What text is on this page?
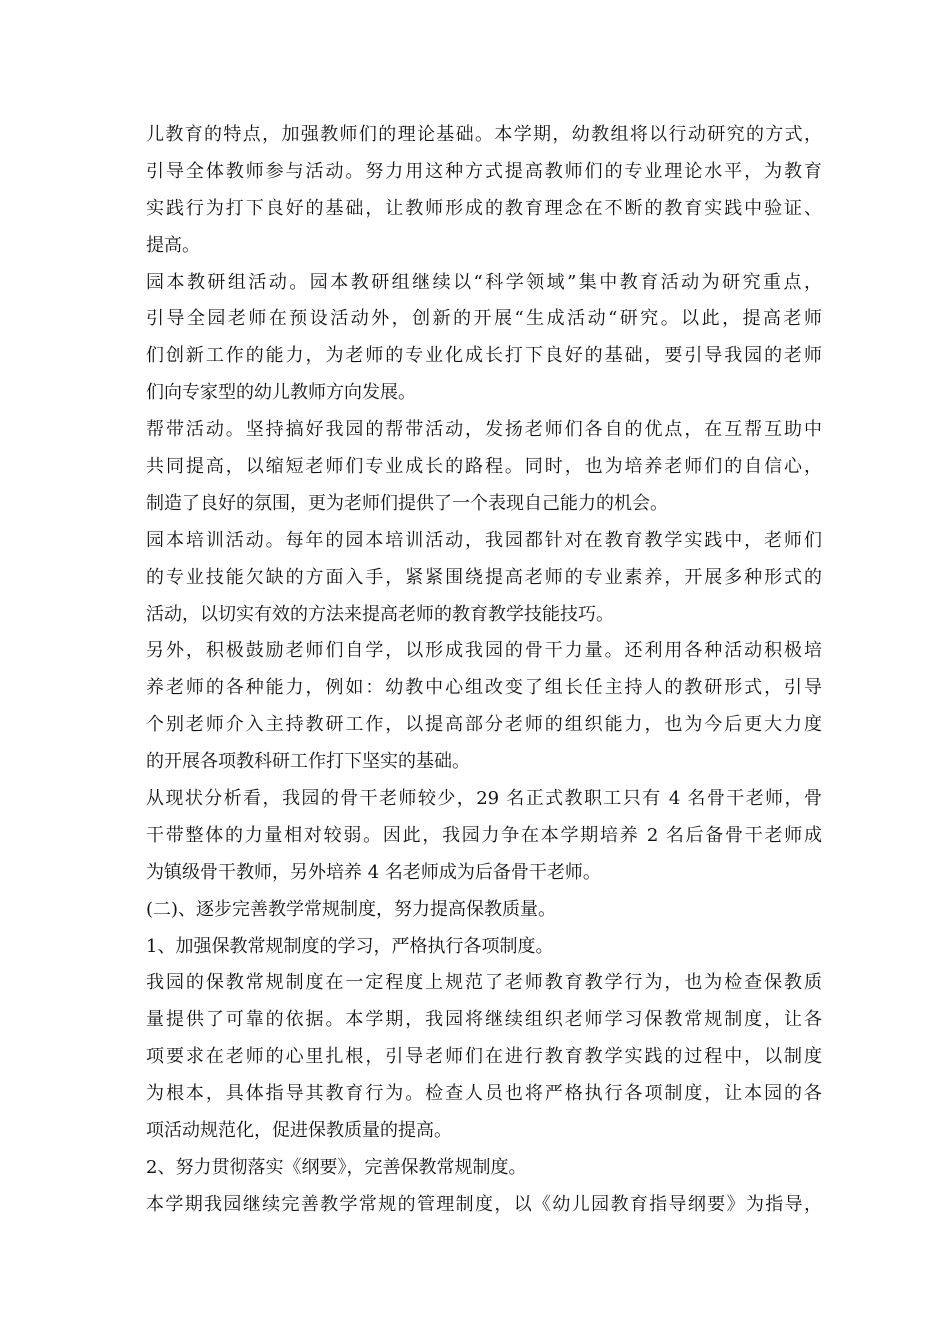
儿教育的特点，加强教师们的理论基础。本学期，幼教组将以行动研究的方式，
引导全体教师参与活动。努力用这种方式提高教师们的专业理论水平，为教育
实践行为打下良好的基础，让教师形成的教育理念在不断的教育实践中验证、
提高。
园本教研组活动。园本教研组继续以“科学领域”集中教育活动为研究重点，
引导全园老师在预设活动外，创新的开展“生成活动“研究。以此，提高老师
们创新工作的能力，为老师的专业化成长打下良好的基础，要引导我园的老师
们向专家型的幼儿教师方向发展。
帮带活动。坚持搞好我园的帮带活动，发扬老师们各自的优点，在互帮互助中
共同提高，以缩短老师们专业成长的路程。同时，也为培养老师们的自信心，
制造了良好的氛围，更为老师们提供了一个表现自己能力的机会。
园本培训活动。每年的园本培训活动，我园都针对在教育教学实践中，老师们
的专业技能欠缺的方面入手，紧紧围绕提高老师的专业素养，开展多种形式的
活动，以切实有效的方法来提高老师的教育教学技能技巧。
另外，积极鼓励老师们自学，以形成我园的骨干力量。还利用各种活动积极培
养老师的各种能力，例如：幼教中心组改变了组长任主持人的教研形式，引导
个别老师介入主持教研工作，以提高部分老师的组织能力，也为今后更大力度
的开展各项教科研工作打下坚实的基础。
从现状分析看，我园的骨干老师较少，29 名正式教职工只有 4 名骨干老师，骨
干带整体的力量相对较弱。因此，我园力争在本学期培养 2 名后备骨干老师成
为镇级骨干教师，另外培养 4 名老师成为后备骨干老师。
(二)、逐步完善教学常规制度，努力提高保教质量。
1、加强保教常规制度的学习，严格执行各项制度。
我园的保教常规制度在一定程度上规范了老师教育教学行为，也为检查保教质
量提供了可靠的依据。本学期，我园将继续组织老师学习保教常规制度，让各
项要求在老师的心里扎根，引导老师们在进行教育教学实践的过程中，以制度
为根本，具体指导其教育行为。检查人员也将严格执行各项制度，让本园的各
项活动规范化，促进保教质量的提高。
2、努力贯彻落实《纲要》，完善保教常规制度。
本学期我园继续完善教学常规的管理制度，以《幼儿园教育指导纲要》为指导，
